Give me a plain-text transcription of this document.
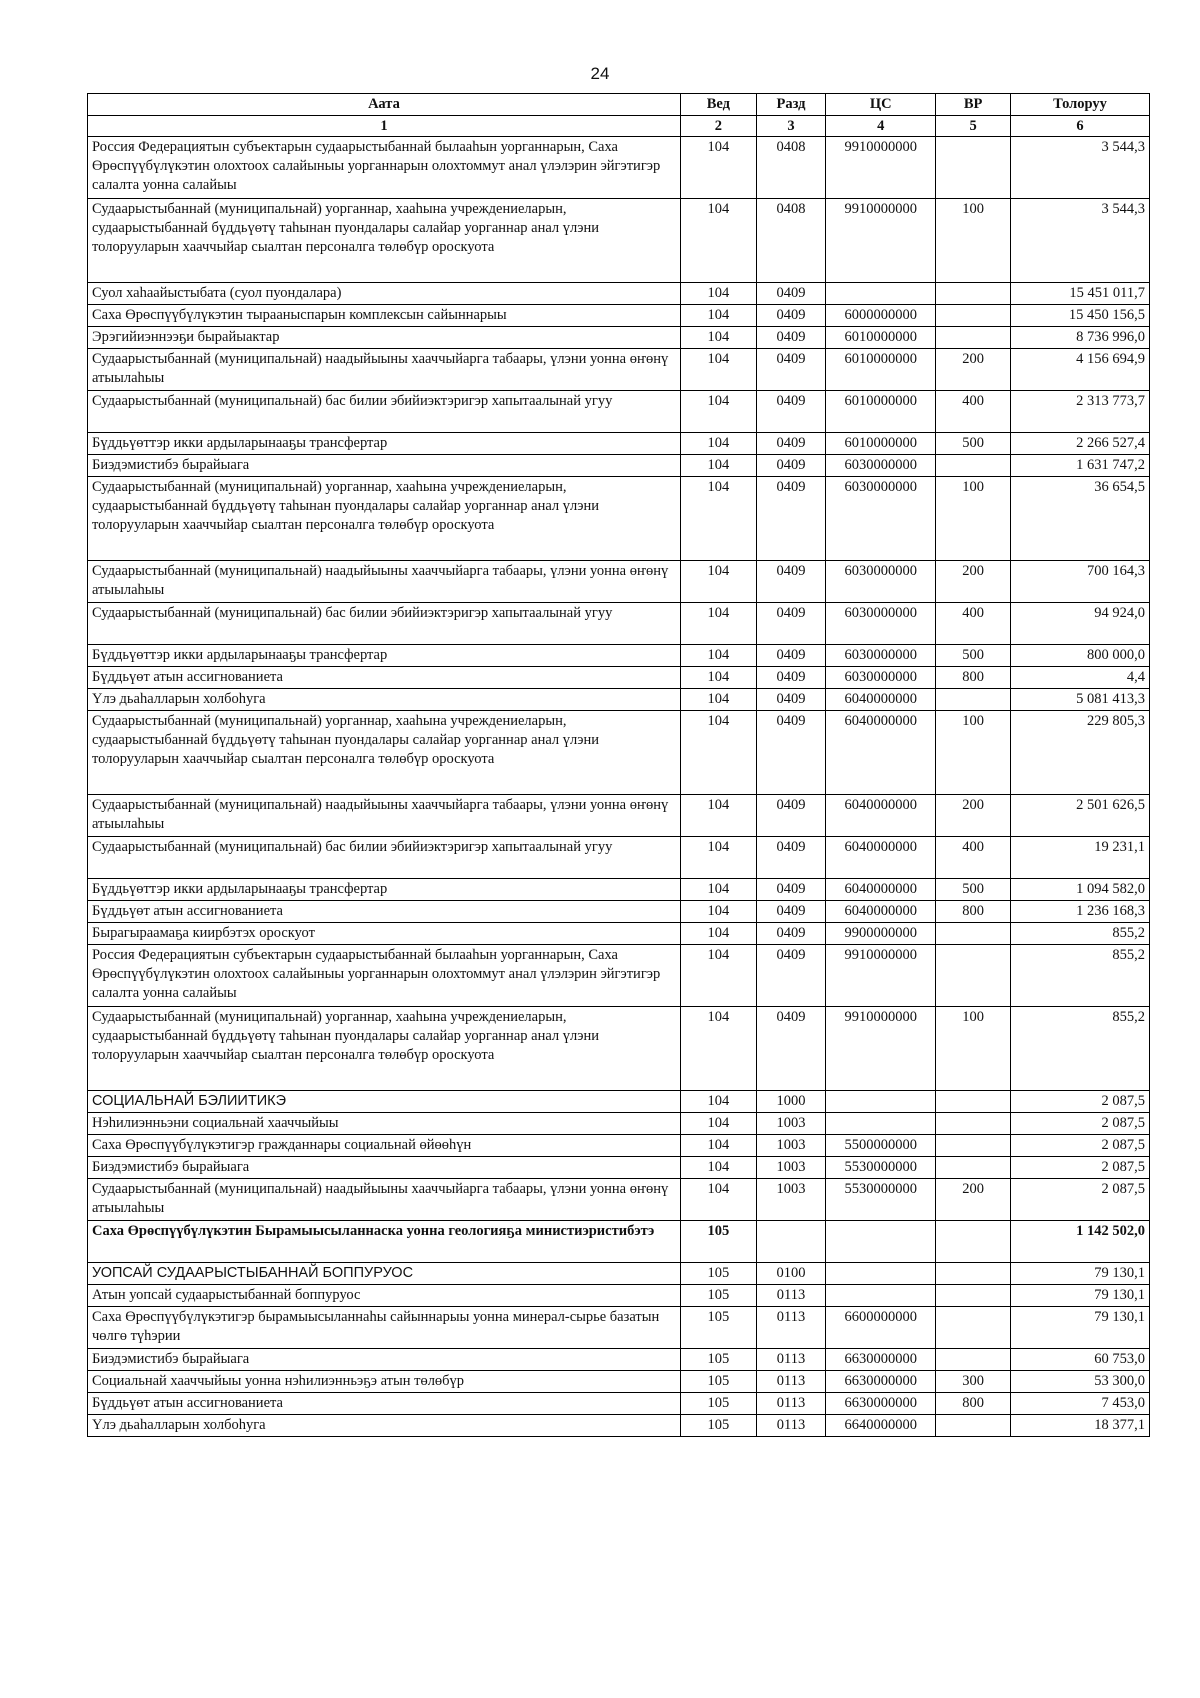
24
Аата	Вед	Разд	ЦС	ВР	Толоруу
1	2	3	4	5	6
Россия Федерациятын субъектарын судаарыстыбаннай былааһын уорганнарын, Саха Өрөспүүбүлүкэтин олохтоох салайыныы уорганнарын олохтоммут анал үлэлэрин эйгэтигэр салалта уонна салайыы	104	0408	9910000000		3 544,3
Судаарыстыбаннай (муниципальнай) уорганнар, хааһына учреждениеларын, судаарыстыбаннай бүддьүөтү таһынан пуондалары салайар уорганнар анал үлэни толорууларын хааччыйар сыалтан персоналга төлөбүр ороскуота	104	0408	9910000000	100	3 544,3
Суол хаһаайыстыбата (суол пуондалара)	104	0409			15 451 011,7
Саха Өрөспүүбүлүкэтин тырааныспарын комплексын сайыннарыы	104	0409	6000000000		15 450 156,5
Эрэгийиэннээҕи бырайыактар	104	0409	6010000000		8 736 996,0
Судаарыстыбаннай (муниципальнай) наадыйыыны хааччыйарга табаары, үлэни уонна өҥөнү атыылаһыы	104	0409	6010000000	200	4 156 694,9
Судаарыстыбаннай (муниципальнай) бас билии эбийиэктэригэр хапытаалынай угуу	104	0409	6010000000	400	2 313 773,7
Бүддьүөттэр икки ардыларынааҕы трансфертар	104	0409	6010000000	500	2 266 527,4
Биэдэмистибэ бырайыага	104	0409	6030000000		1 631 747,2
Судаарыстыбаннай (муниципальнай) уорганнар, хааһына учреждениеларын, судаарыстыбаннай бүддьүөтү таһынан пуондалары салайар уорганнар анал үлэни толорууларын хааччыйар сыалтан персоналга төлөбүр ороскуота	104	0409	6030000000	100	36 654,5
Судаарыстыбаннай (муниципальнай) наадыйыыны хааччыйарга табаары, үлэни уонна өҥөнү атыылаһыы	104	0409	6030000000	200	700 164,3
Судаарыстыбаннай (муниципальнай) бас билии эбийиэктэригэр хапытаалынай угуу	104	0409	6030000000	400	94 924,0
Бүддьүөттэр икки ардыларынааҕы трансфертар	104	0409	6030000000	500	800 000,0
Бүддьүөт атын ассигнованиета	104	0409	6030000000	800	4,4
Үлэ дьаһалларын холбоһуга	104	0409	6040000000		5 081 413,3
Судаарыстыбаннай (муниципальнай) уорганнар, хааһына учреждениеларын, судаарыстыбаннай бүддьүөтү таһынан пуондалары салайар уорганнар анал үлэни толорууларын хааччыйар сыалтан персоналга төлөбүр ороскуота	104	0409	6040000000	100	229 805,3
Судаарыстыбаннай (муниципальнай) наадыйыыны хааччыйарга табаары, үлэни уонна өҥөнү атыылаһыы	104	0409	6040000000	200	2 501 626,5
Судаарыстыбаннай (муниципальнай) бас билии эбийиэктэригэр хапытаалынай угуу	104	0409	6040000000	400	19 231,1
Бүддьүөттэр икки ардыларынааҕы трансфертар	104	0409	6040000000	500	1 094 582,0
Бүддьүөт атын ассигнованиета	104	0409	6040000000	800	1 236 168,3
Бырагыраамаҕа киирбэтэх ороскуот	104	0409	9900000000		855,2
Россия Федерациятын субъектарын судаарыстыбаннай былааһын уорганнарын, Саха Өрөспүүбүлүкэтин олохтоох салайыныы уорганнарын олохтоммут анал үлэлэрин эйгэтигэр салалта уонна салайыы	104	0409	9910000000		855,2
Судаарыстыбаннай (муниципальнай) уорганнар, хааһына учреждениеларын, судаарыстыбаннай бүддьүөтү таһынан пуондалары салайар уорганнар анал үлэни толорууларын хааччыйар сыалтан персоналга төлөбүр ороскуота	104	0409	9910000000	100	855,2
СОЦИАЛЬНАЙ БЭЛИИТИКЭ	104	1000			2 087,5
Нэһилиэнньэни социальнай хааччыйыы	104	1003			2 087,5
Саха Өрөспүүбүлүкэтигэр гражданнары социальнай өйөөһүн	104	1003	5500000000		2 087,5
Биэдэмистибэ бырайыага	104	1003	5530000000		2 087,5
Судаарыстыбаннай (муниципальнай) наадыйыыны хааччыйарга табаары, үлэни уонна өҥөнү атыылаһыы	104	1003	5530000000	200	2 087,5
Саха Өрөспүүбүлүкэтин Бырамыысыланнаска уонна геологияҕа министиэристибэтэ	105				1 142 502,0
УОПСАЙ СУДААРЫСТЫБАННАЙ БОППУРУОС	105	0100			79 130,1
Атын уопсай судаарыстыбаннай боппуруос	105	0113			79 130,1
Саха Өрөспүүбүлүкэтигэр бырамыысыланнаһы сайыннарыы уонна минерал-сырье базатын чөлгө түһэрии	105	0113	6600000000		79 130,1
Биэдэмистибэ бырайыага	105	0113	6630000000		60 753,0
Социальнай хааччыйыы уонна нэһилиэнньэҕэ атын төлөбүр	105	0113	6630000000	300	53 300,0
Бүддьүөт атын ассигнованиета	105	0113	6630000000	800	7 453,0
Үлэ дьаһалларын холбоһуга	105	0113	6640000000		18 377,1
